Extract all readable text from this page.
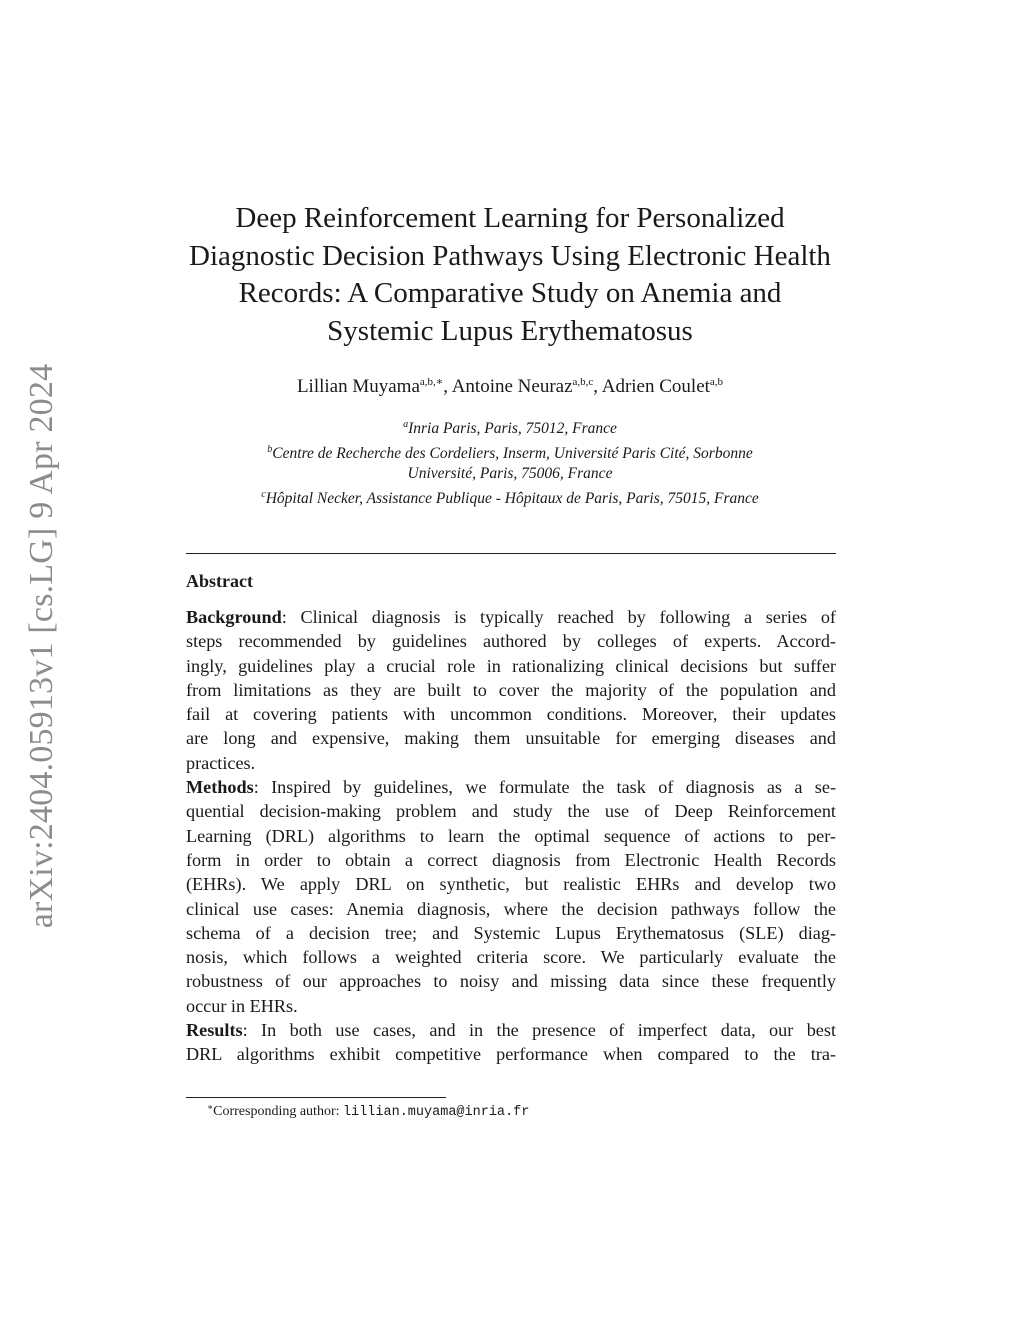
arXiv:2404.05913v1 [cs.LG] 9 Apr 2024
Deep Reinforcement Learning for Personalized
Diagnostic Decision Pathways Using Electronic Health
Records: A Comparative Study on Anemia and
Systemic Lupus Erythematosus
Lillian Muyama$^{a,b,∗}$, Antoine Neuraz$^{a,b,c}$, Adrien Coulet$^{a,b}$
$^a$Inria Paris, Paris, 75012, France
$^b$Centre de Recherche des Cordeliers, Inserm, Université Paris Cité, Sorbonne
Université, Paris, 75006, France
$^c$Hôpital Necker, Assistance Publique - Hôpitaux de Paris, Paris, 75015, France
Abstract
Background: Clinical diagnosis is typically reached by following a series of
steps recommended by guidelines authored by colleges of experts. Accord-
ingly, guidelines play a crucial role in rationalizing clinical decisions but suffer
from limitations as they are built to cover the majority of the population and
fail at covering patients with uncommon conditions. Moreover, their updates
are long and expensive, making them unsuitable for emerging diseases and
practices.
Methods: Inspired by guidelines, we formulate the task of diagnosis as a se-
quential decision-making problem and study the use of Deep Reinforcement
Learning (DRL) algorithms to learn the optimal sequence of actions to per-
form in order to obtain a correct diagnosis from Electronic Health Records
(EHRs). We apply DRL on synthetic, but realistic EHRs and develop two
clinical use cases: Anemia diagnosis, where the decision pathways follow the
schema of a decision tree; and Systemic Lupus Erythematosus (SLE) diag-
nosis, which follows a weighted criteria score. We particularly evaluate the
robustness of our approaches to noisy and missing data since these frequently
occur in EHRs.
Results: In both use cases, and in the presence of imperfect data, our best
DRL algorithms exhibit competitive performance when compared to the tra-
∗Corresponding author: lillian.muyama@inria.fr
